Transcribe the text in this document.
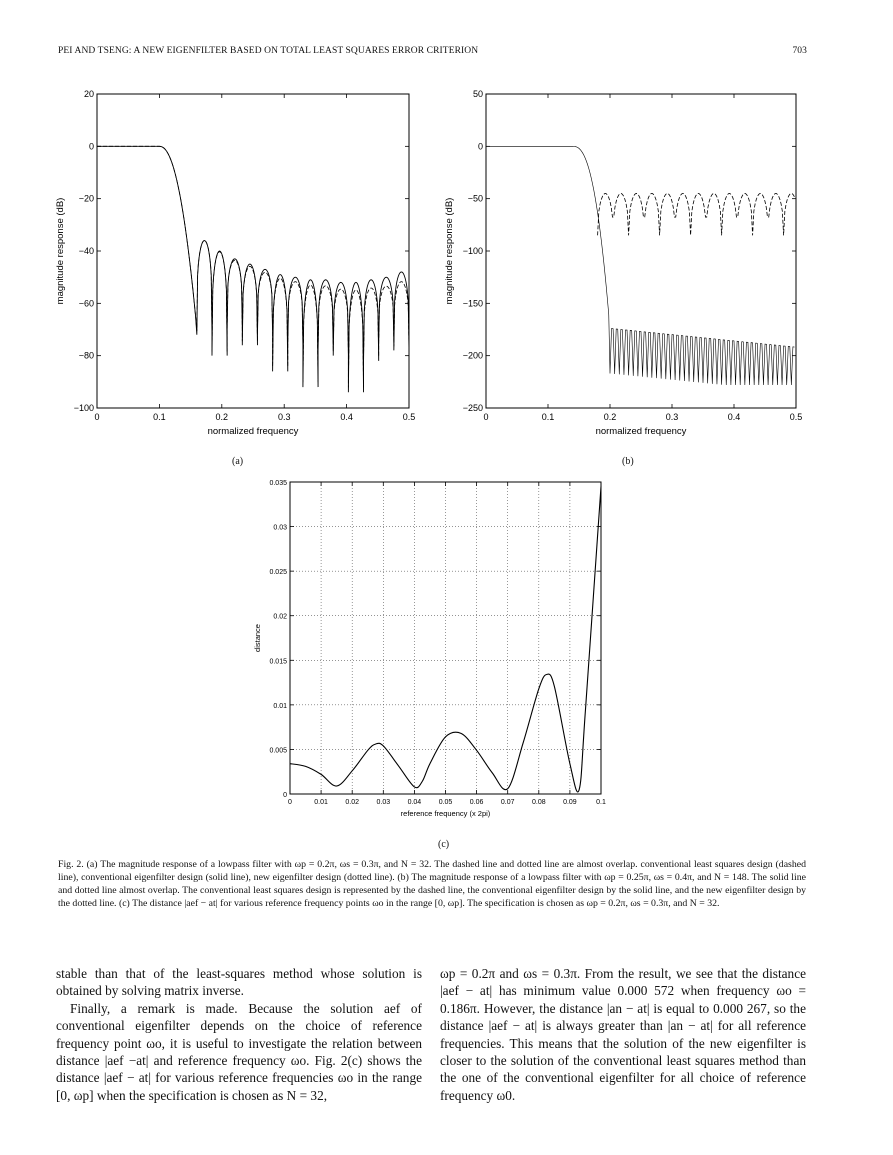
PEI AND TSENG: A NEW EIGENFILTER BASED ON TOTAL LEAST SQUARES ERROR CRITERION	703
0	0.1	0.2	0.3	0.4	0.5
20
0
−20
−40
−60
−80
−100
normalized frequency
magnitude response (dB)
0	0.1	0.2	0.3	0.4	0.5
50
0
−50
−100
−150
−200
−250
normalized frequency
magnitude response (dB)
0	0.01 0.02 0.03 0.04 0.05 0.06 0.07 0.08 0.09	0.1
0.035
0.03
0.025
0.02
0.015
0.01
0.005
0
reference frequency (x 2pi)
distance
(a)	(b)
(c)
Fig. 2. (a) The magnitude response of a lowpass filter with ωp = 0.2π, ωs = 0.3π, and N = 32. The dashed line and dotted line are almost overlap. conventional least squares design (dashed line), conventional eigenfilter design (solid line), new eigenfilter design (dotted line). (b) The magnitude response of a lowpass filter with ωp = 0.25π, ωs = 0.4π, and N = 148. The solid line and dotted line almost overlap. The conventional least squares design is represented by the dashed line, the conventional eigenfilter design by the solid line, and the new eigenfilter design by the dotted line. (c) The distance |aef − at| for various reference frequency points ωo in the range [0, ωp]. The specification is chosen as ωp = 0.2π, ωs = 0.3π, and N = 32.

stable than that of the least-squares method whose solution is obtained by solving matrix inverse.

Finally, a remark is made. Because the solution aef of conventional eigenfilter depends on the choice of reference frequency point ωo, it is useful to investigate the relation between distance |aef −at| and reference frequency ωo. Fig. 2(c) shows the distance |aef − at| for various reference frequencies ωo in the range [0, ωp] when the specification is chosen as N = 32,

ωp = 0.2π and ωs = 0.3π. From the result, we see that the distance |aef − at| has minimum value 0.000 572 when frequency ωo = 0.186π. However, the distance |an − at| is equal to 0.000 267, so the distance |aef − at| is always greater than |an − at| for all reference frequencies. This means that the solution of the new eigenfilter is closer to the solution of the conventional least squares method than the one of the conventional eigenfilter for all choice of reference frequency ω0.
